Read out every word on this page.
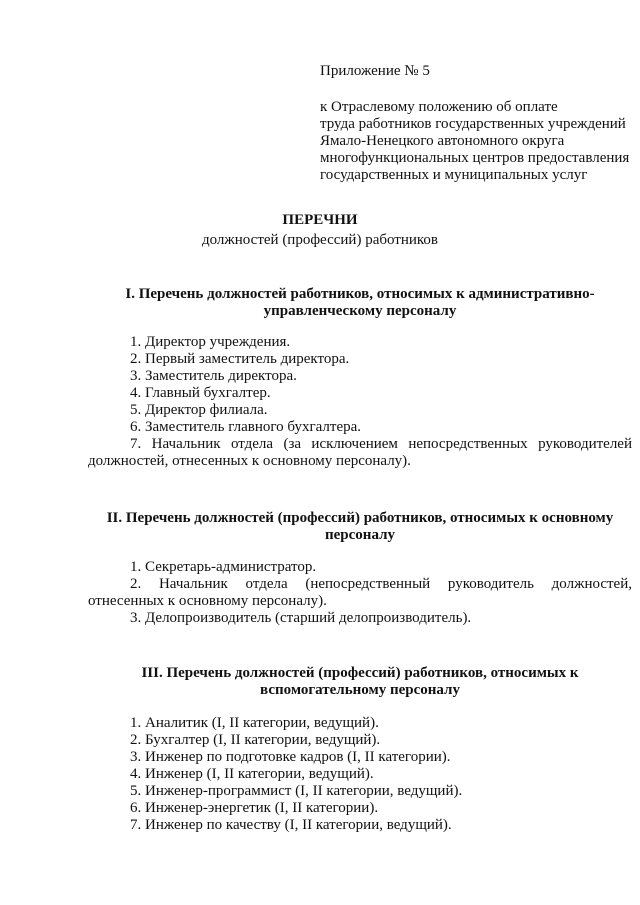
Приложение № 5
к Отраслевому положению об оплате
труда работников государственных учреждений
Ямало-Ненецкого автономного округа
многофункциональных центров предоставления
государственных и муниципальных услуг
ПЕРЕЧНИ
должностей (профессий) работников
I. Перечень должностей работников, относимых к административно-
управленческому персоналу
1. Директор учреждения.
2. Первый заместитель директора.
3. Заместитель директора.
4. Главный бухгалтер.
5. Директор филиала.
6. Заместитель главного бухгалтера.
7. Начальник отдела (за исключением непосредственных руководителей должностей, отнесенных к основному персоналу).
II. Перечень должностей (профессий) работников, относимых к основному
персоналу
1. Секретарь-администратор.
2. Начальник отдела (непосредственный руководитель должностей, отнесенных к основному персоналу).
3. Делопроизводитель (старший делопроизводитель).
III. Перечень должностей (профессий) работников, относимых к
вспомогательному персоналу
1. Аналитик (I, II категории, ведущий).
2. Бухгалтер (I, II категории, ведущий).
3. Инженер по подготовке кадров (I, II категории).
4. Инженер (I, II категории, ведущий).
5. Инженер-программист (I, II категории, ведущий).
6. Инженер-энергетик (I, II категории).
7. Инженер по качеству (I, II категории, ведущий).
